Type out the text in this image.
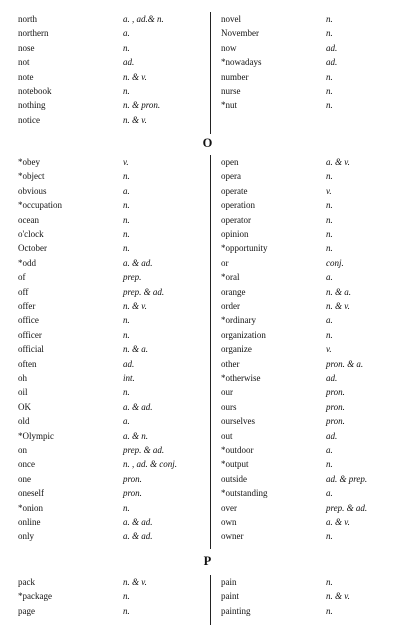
north	a. , ad.& n.
northern	a.
nose	n.
not	ad.
note	n. & v.
notebook	n.
nothing	n. & pron.
notice	n. & v.
novel	n.
November	n.
now	ad.
*nowadays	ad.
number	n.
nurse	n.
*nut	n.
O
*obey	v.
*object	n.
obvious	a.
*occupation	n.
ocean	n.
o'clock	n.
October	n.
*odd	a. & ad.
of	prep.
off	prep. & ad.
offer	n. & v.
office	n.
officer	n.
official	n. & a.
often	ad.
oh	int.
oil	n.
OK	a. & ad.
old	a.
*Olympic	a. & n.
on	prep. & ad.
once	n. , ad. & conj.
one	pron.
oneself	pron.
*onion	n.
online	a. & ad.
only	a. & ad.
open	a. & v.
opera	n.
operate	v.
operation	n.
operator	n.
opinion	n.
*opportunity	n.
or	conj.
*oral	a.
orange	n. & a.
order	n. & v.
*ordinary	a.
organization	n.
organize	v.
other	pron. & a.
*otherwise	ad.
our	pron.
ours	pron.
ourselves	pron.
out	ad.
*outdoor	a.
*output	n.
outside	ad. & prep.
*outstanding	a.
over	prep. & ad.
own	a. & v.
owner	n.
P
pack	n. & v.
*package	n.
page	n.
pain	n.
paint	n. & v.
painting	n.
